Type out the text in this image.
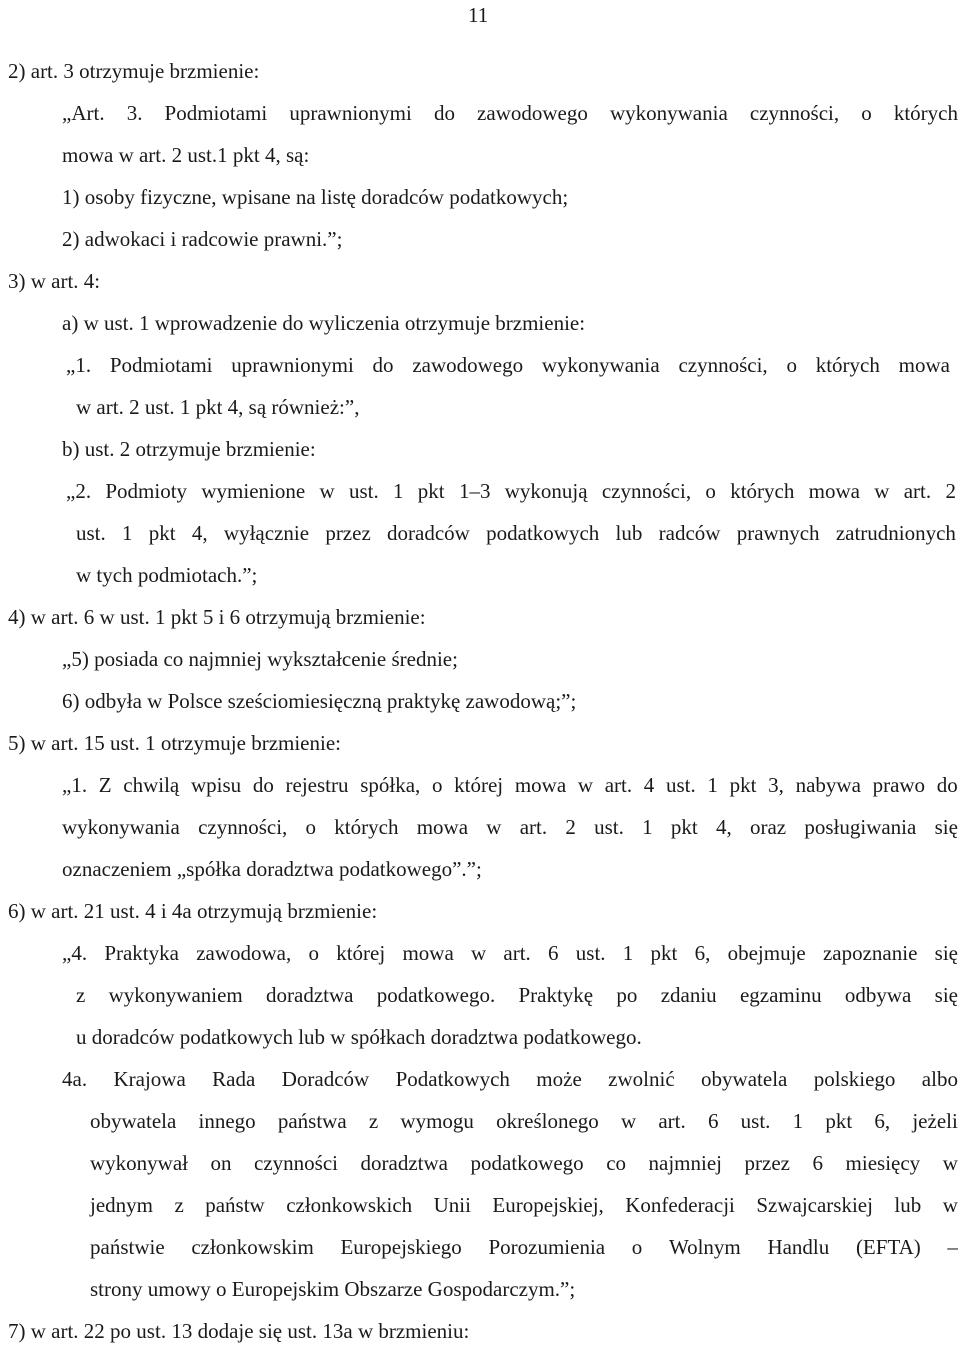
11
2) art. 3 otrzymuje brzmienie:
„Art. 3. Podmiotami uprawnionymi do zawodowego wykonywania czynności, o których
mowa w art. 2 ust.1 pkt 4, są:
1) osoby fizyczne, wpisane na listę doradców podatkowych;
2) adwokaci i radcowie prawni.”;
3) w art. 4:
a) w ust. 1 wprowadzenie do wyliczenia otrzymuje brzmienie:
„1. Podmiotami uprawnionymi do zawodowego wykonywania czynności, o których mowa
w art. 2 ust. 1 pkt 4, są również:”,
b) ust. 2 otrzymuje brzmienie:
„2. Podmioty wymienione w ust. 1 pkt 1–3 wykonują czynności, o których mowa w art. 2
ust. 1 pkt 4, wyłącznie przez doradców podatkowych lub radców prawnych zatrudnionych
w tych podmiotach.”;
4) w art. 6 w ust. 1 pkt 5 i 6 otrzymują brzmienie:
„5) posiada co najmniej wykształcenie średnie;
6) odbyła w Polsce sześciomiesięczną praktykę zawodową;”;
5) w art. 15 ust. 1 otrzymuje brzmienie:
„1. Z chwilą wpisu do rejestru spółka, o której mowa w art. 4 ust. 1 pkt 3, nabywa prawo do
wykonywania czynności, o których mowa w art. 2 ust. 1 pkt 4, oraz posługiwania się
oznaczeniem „spółka doradztwa podatkowego”.”;
6) w art. 21 ust. 4 i 4a otrzymują brzmienie:
„4. Praktyka zawodowa, o której mowa w art. 6 ust. 1 pkt 6, obejmuje zapoznanie się
z wykonywaniem doradztwa podatkowego. Praktykę po zdaniu egzaminu odbywa się
u doradców podatkowych lub w spółkach doradztwa podatkowego.
4a. Krajowa Rada Doradców Podatkowych może zwolnić obywatela polskiego albo
obywatela innego państwa z wymogu określonego w art. 6 ust. 1 pkt 6, jeżeli
wykonywał on czynności doradztwa podatkowego co najmniej przez 6 miesięcy w
jednym z państw członkowskich Unii Europejskiej, Konfederacji Szwajcarskiej lub w
państwie członkowskim Europejskiego Porozumienia o Wolnym Handlu (EFTA) –
strony umowy o Europejskim Obszarze Gospodarczym.”;
7) w art. 22 po ust. 13 dodaje się ust. 13a w brzmieniu:
